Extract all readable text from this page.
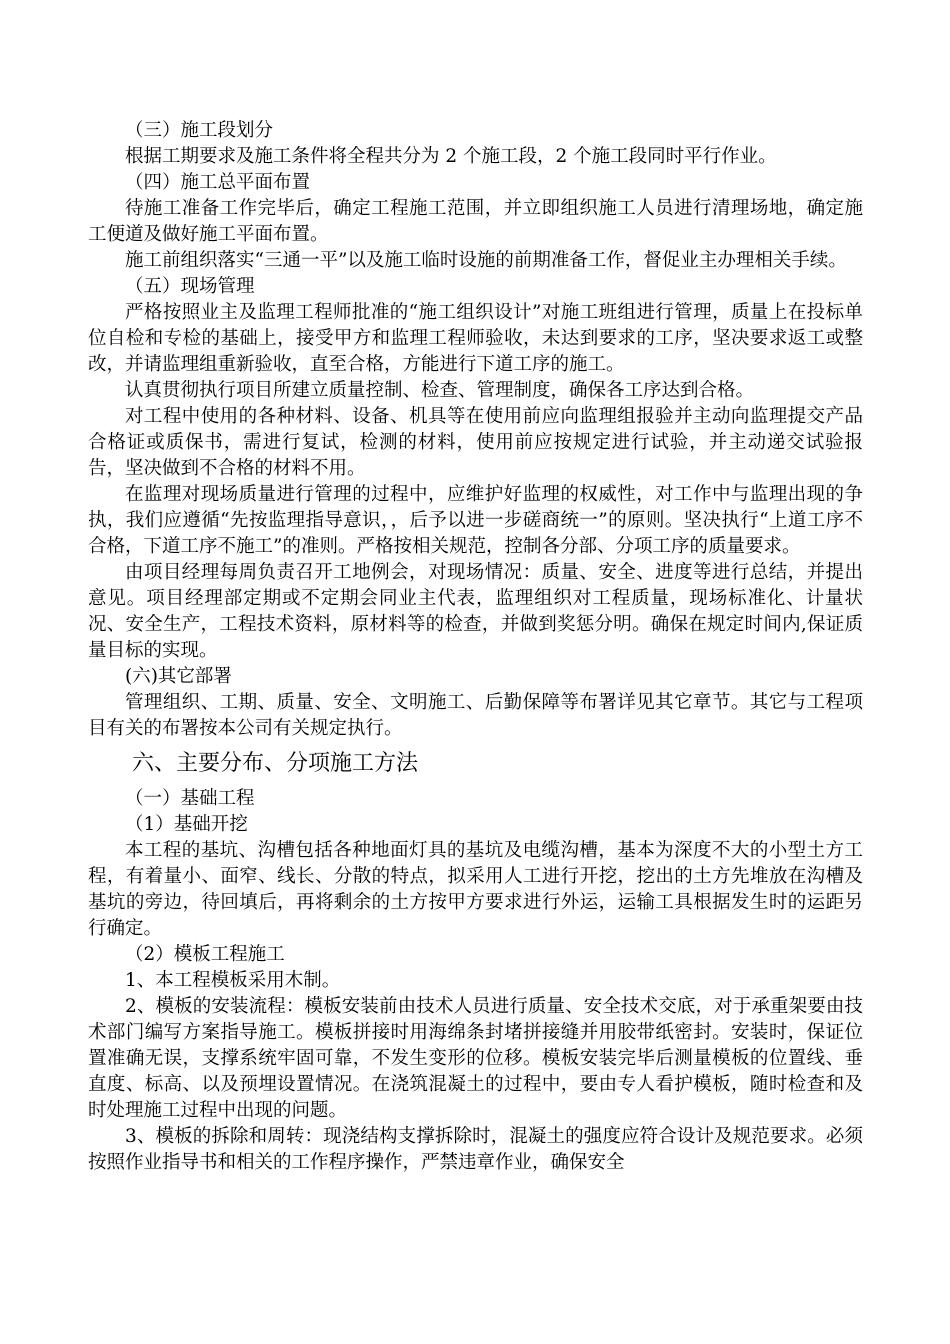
（三）施工段划分

根据工期要求及施工条件将全程共分为 2 个施工段，2 个施工段同时平行作业。

（四）施工总平面布置

待施工准备工作完毕后，确定工程施工范围，并立即组织施工人员进行清理场地，确定施工便道及做好施工平面布置。

施工前组织落实“三通一平”以及施工临时设施的前期准备工作，督促业主办理相关手续。

（五）现场管理

严格按照业主及监理工程师批准的“施工组织设计”对施工班组进行管理，质量上在投标单位自检和专检的基础上，接受甲方和监理工程师验收，未达到要求的工序，坚决要求返工或整改，并请监理组重新验收，直至合格，方能进行下道工序的施工。

认真贯彻执行项目所建立质量控制、检查、管理制度，确保各工序达到合格。

对工程中使用的各种材料、设备、机具等在使用前应向监理组报验并主动向监理提交产品合格证或质保书，需进行复试，检测的材料，使用前应按规定进行试验，并主动递交试验报告，坚决做到不合格的材料不用。

在监理对现场质量进行管理的过程中，应维护好监理的权威性，对工作中与监理出现的争执，我们应遵循“先按监理指导意识，，后予以进一步磋商统一”的原则。坚决执行“上道工序不合格，下道工序不施工”的准则。严格按相关规范，控制各分部、分项工序的质量要求。

由项目经理每周负责召开工地例会，对现场情况：质量、安全、进度等进行总结，并提出意见。项目经理部定期或不定期会同业主代表，监理组织对工程质量，现场标准化、计量状况、安全生产，工程技术资料，原材料等的检查，并做到奖惩分明。确保在规定时间内,保证质量目标的实现。

(六)其它部署

管理组织、工期、质量、安全、文明施工、后勤保障等布署详见其它章节。其它与工程项目有关的布署按本公司有关规定执行。

六、主要分布、分项施工方法

（一）基础工程

（1）基础开挖

本工程的基坑、沟槽包括各种地面灯具的基坑及电缆沟槽，基本为深度不大的小型土方工程，有着量小、面窄、线长、分散的特点，拟采用人工进行开挖，挖出的土方先堆放在沟槽及基坑的旁边，待回填后，再将剩余的土方按甲方要求进行外运，运输工具根据发生时的运距另行确定。

（2）模板工程施工

1、本工程模板采用木制。

2、模板的安装流程：模板安装前由技术人员进行质量、安全技术交底，对于承重架要由技术部门编写方案指导施工。模板拼接时用海绵条封堵拼接缝并用胶带纸密封。安装时，保证位置准确无误，支撑系统牢固可靠，不发生变形的位移。模板安装完毕后测量模板的位置线、垂直度、标高、以及预埋设置情况。在浇筑混凝土的过程中，要由专人看护模板，随时检查和及时处理施工过程中出现的问题。

3、模板的拆除和周转：现浇结构支撑拆除时，混凝土的强度应符合设计及规范要求。必须按照作业指导书和相关的工作程序操作，严禁违章作业，确保安全
